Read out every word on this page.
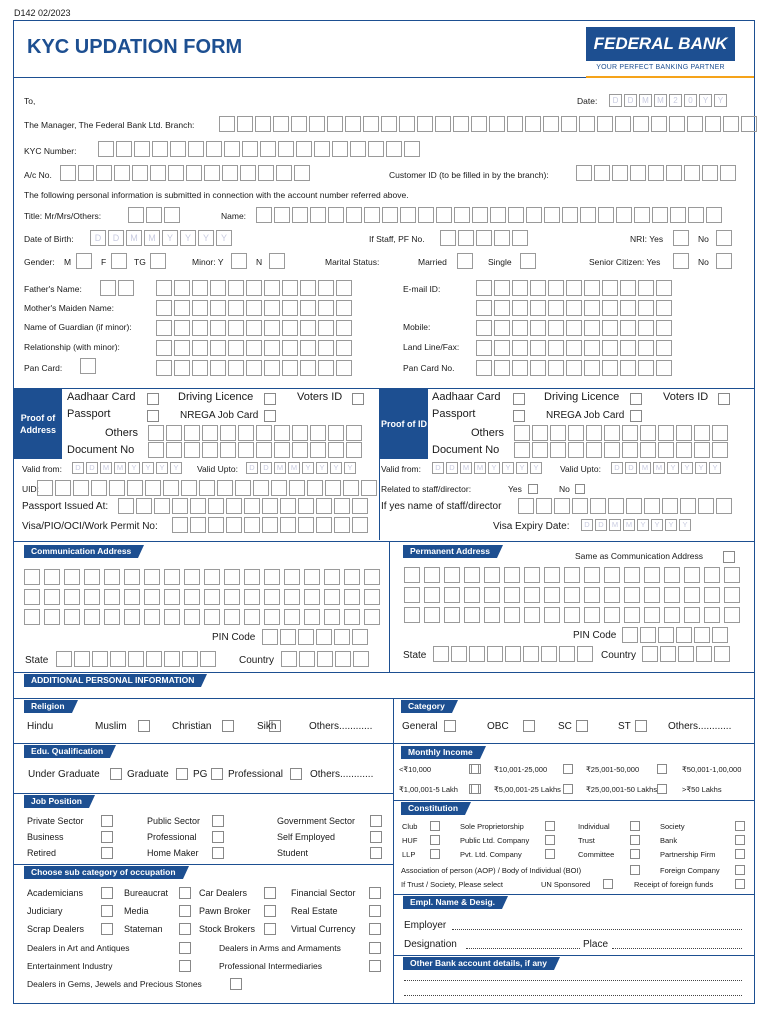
D142 02/2023
KYC UPDATION FORM	FEDERAL BANK
YOUR PERFECT BANKING PARTNER
To,	Date:	D	D	M	M	2	0	Y	Y
The Manager, The Federal Bank Ltd. Branch:
KYC Number:
A/c No.	Customer ID (to be filled in by the branch):
The following personal information is submitted in connection with the account number referred above.
Title: Mr/Mrs/Others:	Name:
Date of Birth:	D	D	M	M	Y	Y	Y	Y	If Staff, PF No.	NRI: Yes	No
Gender: M	F	TG	Minor: Y	N	Marital Status:	Married	Single	Senior Citizen: Yes	No
Father's Name:
Mother's Maiden Name:
Name of Guardian (if minor):
Relationship (with minor):
Pan Card:
E-mail ID:
Mobile:
Land Line/Fax:
Pan Card No.
Proof of Address
Proof of ID
Aadhaar Card	Driving Licence	Voters ID
Passport	NREGA Job Card
Others
Document No
Aadhaar Card	Driving Licence	Voters ID
Passport	NREGA Job Card
Others
Document No
Valid from:	D	D	M	M	Y	Y	Y	Y	Valid Upto:	D	D	M	M	Y	Y	Y	Y	Valid from:	D	D	M	M	Y	Y	Y	Y	Valid Upto:	D	D	M	M	Y	Y	Y	Y
UID:	Related to staff/director:	Yes	No
Passport Issued At:	If yes name of staff/director
Visa/PIO/OCI/Work Permit No:	Visa Expiry Date:	D	D	M	M	Y	Y	Y	Y
Communication Address	Permanent Address	Same as Communication Address
PIN Code
State	Country
PIN Code
State	Country
ADDITIONAL PERSONAL INFORMATION
Religion
Hindu	Muslim	Christian	Sikh	Others............
Category
General	OBC	SC	ST	Others............
Edu. Qualification
Under Graduate	Graduate PG Professional	Others............
Monthly Income
<₹10,000	₹10,001-25,000	₹25,001-50,000	₹50,001-1,00,000
₹1,00,001-5 Lakh	₹5,00,001-25 Lakhs	₹25,00,001-50 Lakhs	>₹50 Lakhs
Job Position
Private Sector	Public Sector	Government Sector
Business	Professional	Self Employed
Retired	Home Maker	Student
Constitution
Club	Sole Proprietorship	Individual	Society
HUF	Public Ltd. Company	Trust	Bank
LLP	Pvt. Ltd. Company	Committee	Partnership Firm
Association of person (AOP) / Body of Individual (BOI)	Foreign Company
If Trust / Society, Please select	UN Sponsored	Receipt of foreign funds
Choose sub category of occupation
Academicians	Bureaucrat	Car Dealers	Financial Sector
Judiciary	Media	Pawn Broker	Real Estate
Scrap Dealers	Stateman	Stock Brokers	Virtual Currency
Dealers in Art and Antiques	Dealers in Arms and Armaments
Entertainment Industry	Professional Intermediaries
Dealers in Gems, Jewels and Precious Stones
Empl. Name & Desig.
Employer
Designation	Place
Other Bank account details, if any
